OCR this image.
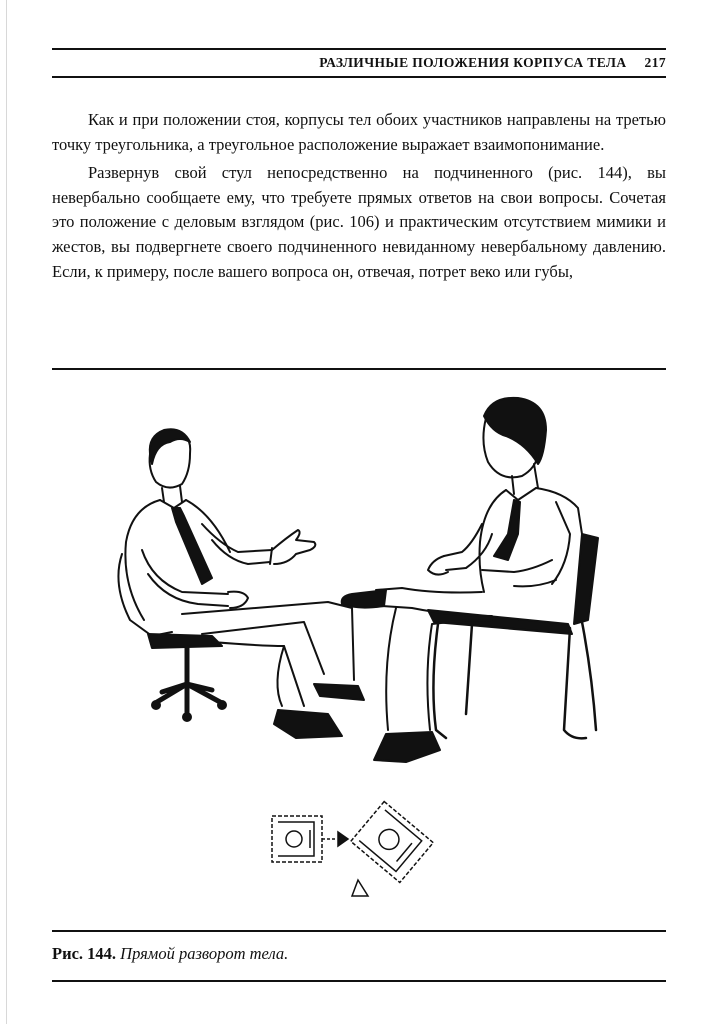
РАЗЛИЧНЫЕ ПОЛОЖЕНИЯ КОРПУСА ТЕЛА 217

Как и при положении стоя, корпусы тел обоих участников направлены на третью точку треугольника, а треугольное расположение выражает взаимопонимание.

Развернув свой стул непосредственно на подчиненного (рис. 144), вы невербально сообщаете ему, что требуете прямых ответов на свои вопросы. Сочетая это положение с деловым взглядом (рис. 106) и практическим отсутствием мимики и жестов, вы подвергнете своего подчиненного невиданному невербальному давлению. Если, к примеру, после вашего вопроса он, отвечая, потрет веко или губы,

Рис. 144. Прямой разворот тела.
